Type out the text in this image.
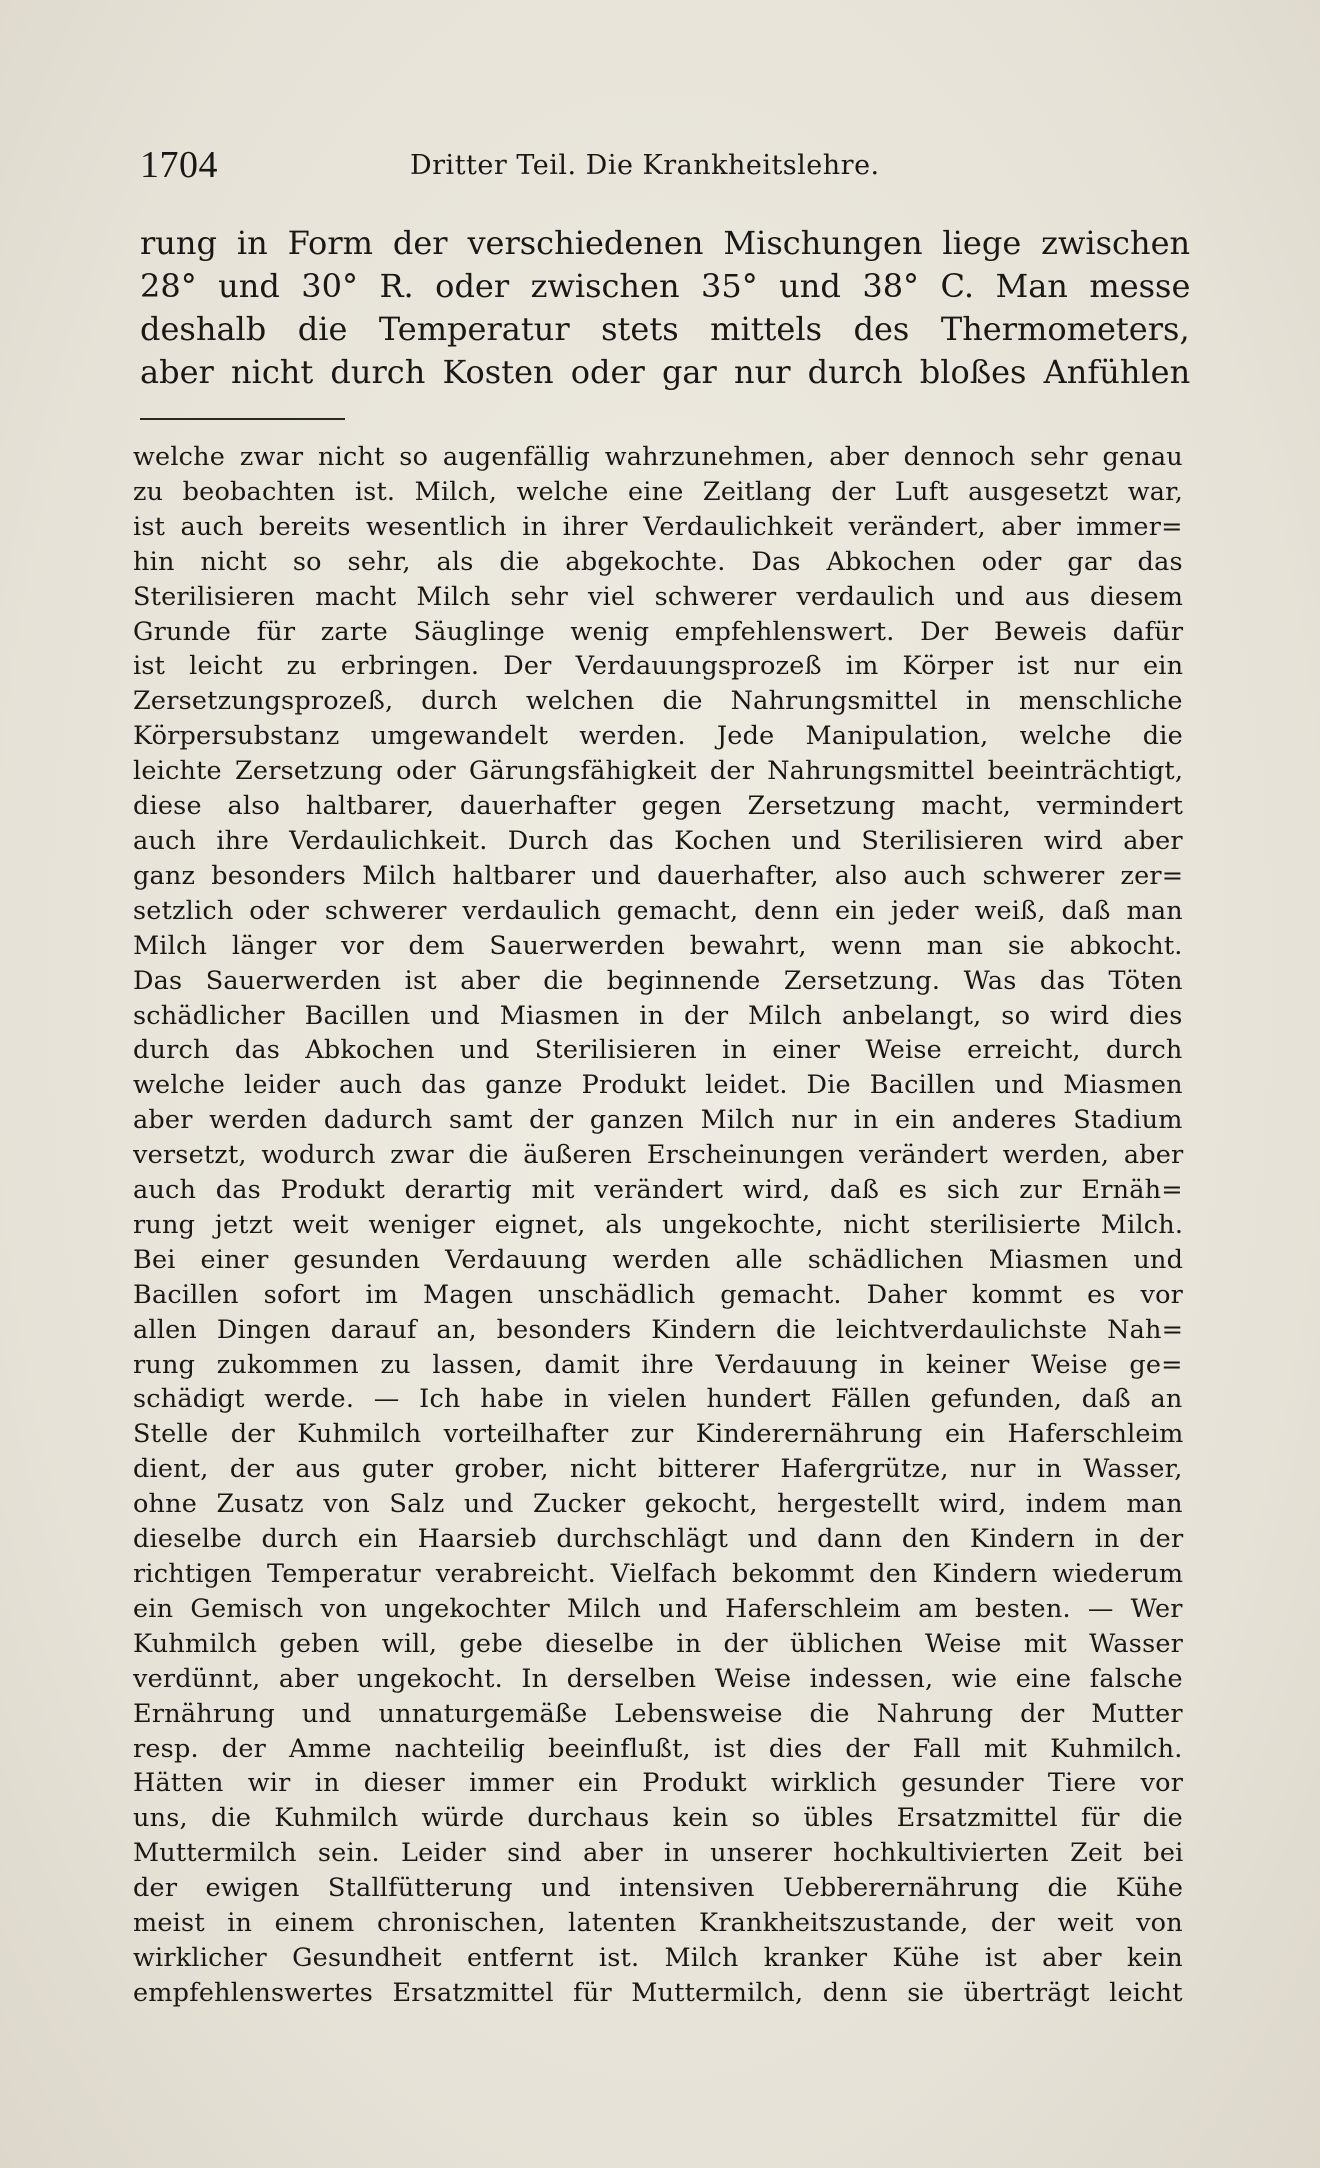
1704	Dritter Teil. Die Krankheitslehre.
rung in Form der verschiedenen Mischungen liege zwischen
28° und 30° R. oder zwischen 35° und 38° C. Man messe
deshalb die Temperatur stets mittels des Thermometers,
aber nicht durch Kosten oder gar nur durch bloßes Anfühlen
welche zwar nicht so augenfällig wahrzunehmen, aber dennoch sehr genau
zu beobachten ist. Milch, welche eine Zeitlang der Luft ausgesetzt war,
ist auch bereits wesentlich in ihrer Verdaulichkeit verändert, aber immer=
hin nicht so sehr, als die abgekochte. Das Abkochen oder gar das
Sterilisieren macht Milch sehr viel schwerer verdaulich und aus diesem
Grunde für zarte Säuglinge wenig empfehlenswert. Der Beweis dafür
ist leicht zu erbringen. Der Verdauungsprozeß im Körper ist nur ein
Zersetzungsprozeß, durch welchen die Nahrungsmittel in menschliche
Körpersubstanz umgewandelt werden. Jede Manipulation, welche die
leichte Zersetzung oder Gärungsfähigkeit der Nahrungsmittel beeinträchtigt,
diese also haltbarer, dauerhafter gegen Zersetzung macht, vermindert
auch ihre Verdaulichkeit. Durch das Kochen und Sterilisieren wird aber
ganz besonders Milch haltbarer und dauerhafter, also auch schwerer zer=
setzlich oder schwerer verdaulich gemacht, denn ein jeder weiß, daß man
Milch länger vor dem Sauerwerden bewahrt, wenn man sie abkocht.
Das Sauerwerden ist aber die beginnende Zersetzung. Was das Töten
schädlicher Bacillen und Miasmen in der Milch anbelangt, so wird dies
durch das Abkochen und Sterilisieren in einer Weise erreicht, durch
welche leider auch das ganze Produkt leidet. Die Bacillen und Miasmen
aber werden dadurch samt der ganzen Milch nur in ein anderes Stadium
versetzt, wodurch zwar die äußeren Erscheinungen verändert werden, aber
auch das Produkt derartig mit verändert wird, daß es sich zur Ernäh=
rung jetzt weit weniger eignet, als ungekochte, nicht sterilisierte Milch.
Bei einer gesunden Verdauung werden alle schädlichen Miasmen und
Bacillen sofort im Magen unschädlich gemacht. Daher kommt es vor
allen Dingen darauf an, besonders Kindern die leichtverdaulichste Nah=
rung zukommen zu lassen, damit ihre Verdauung in keiner Weise ge=
schädigt werde. — Ich habe in vielen hundert Fällen gefunden, daß an
Stelle der Kuhmilch vorteilhafter zur Kinderernährung ein Haferschleim
dient, der aus guter grober, nicht bitterer Hafergrütze, nur in Wasser,
ohne Zusatz von Salz und Zucker gekocht, hergestellt wird, indem man
dieselbe durch ein Haarsieb durchschlägt und dann den Kindern in der
richtigen Temperatur verabreicht. Vielfach bekommt den Kindern wiederum
ein Gemisch von ungekochter Milch und Haferschleim am besten. — Wer
Kuhmilch geben will, gebe dieselbe in der üblichen Weise mit Wasser
verdünnt, aber ungekocht. In derselben Weise indessen, wie eine falsche
Ernährung und unnaturgemäße Lebensweise die Nahrung der Mutter
resp. der Amme nachteilig beeinflußt, ist dies der Fall mit Kuhmilch.
Hätten wir in dieser immer ein Produkt wirklich gesunder Tiere vor
uns, die Kuhmilch würde durchaus kein so übles Ersatzmittel für die
Muttermilch sein. Leider sind aber in unserer hochkultivierten Zeit bei
der ewigen Stallfütterung und intensiven Uebberernährung die Kühe
meist in einem chronischen, latenten Krankheitszustande, der weit von
wirklicher Gesundheit entfernt ist. Milch kranker Kühe ist aber kein
empfehlenswertes Ersatzmittel für Muttermilch, denn sie überträgt leicht
